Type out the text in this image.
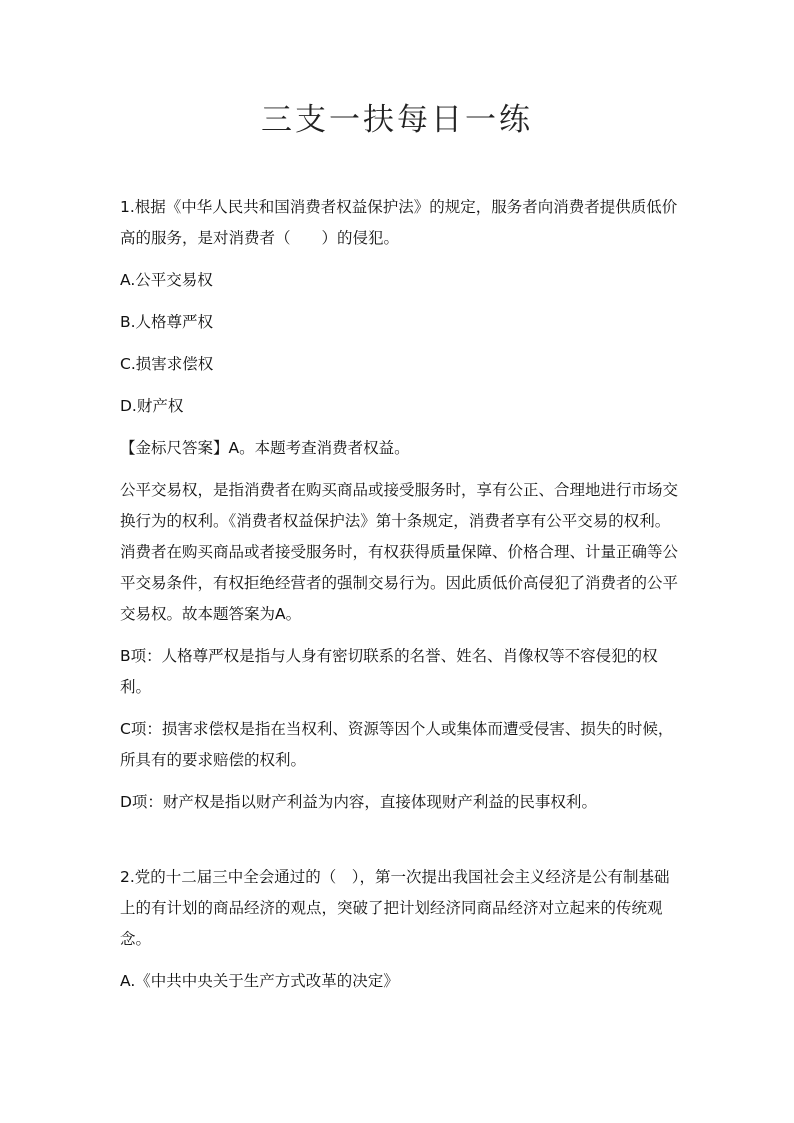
三支一扶每日一练

1.根据《中华人民共和国消费者权益保护法》的规定，服务者向消费者提供质低价高的服务，是对消费者（　　）的侵犯。

A.公平交易权

B.人格尊严权

C.损害求偿权

D.财产权

【金标尺答案】A。本题考查消费者权益。

公平交易权，是指消费者在购买商品或接受服务时，享有公正、合理地进行市场交换行为的权利。《消费者权益保护法》第十条规定，消费者享有公平交易的权利。消费者在购买商品或者接受服务时，有权获得质量保障、价格合理、计量正确等公平交易条件，有权拒绝经营者的强制交易行为。因此质低价高侵犯了消费者的公平交易权。故本题答案为A。

B项：人格尊严权是指与人身有密切联系的名誉、姓名、肖像权等不容侵犯的权利。

C项：损害求偿权是指在当权利、资源等因个人或集体而遭受侵害、损失的时候，所具有的要求赔偿的权利。

D项：财产权是指以财产利益为内容，直接体现财产利益的民事权利。

2.党的十二届三中全会通过的（　），第一次提出我国社会主义经济是公有制基础上的有计划的商品经济的观点，突破了把计划经济同商品经济对立起来的传统观念。

A.《中共中央关于生产方式改革的决定》
